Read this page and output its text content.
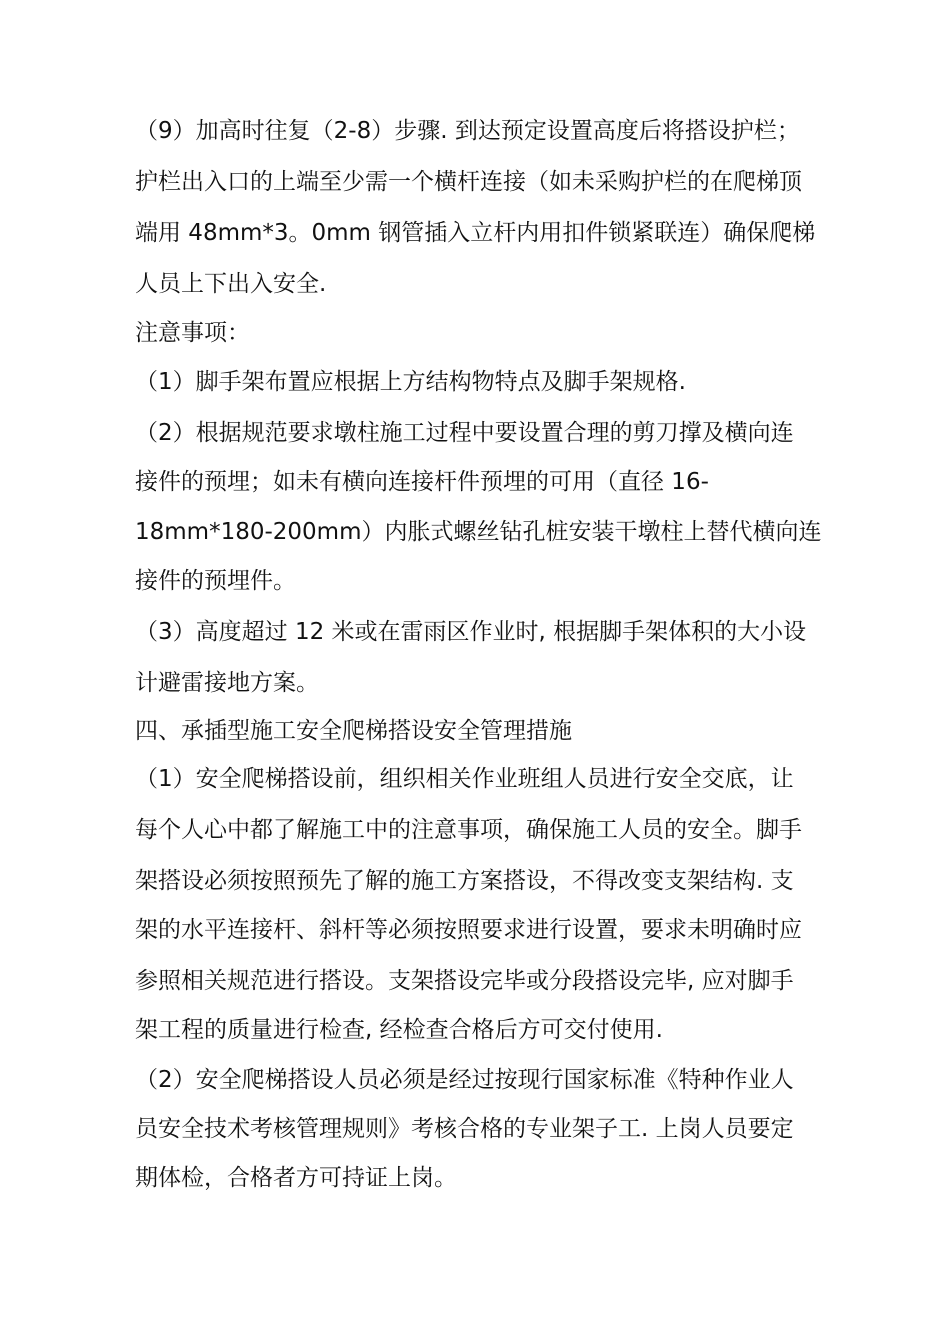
（9）加高时往复（2-8）步骤. 到达预定设置高度后将搭设护栏；
护栏出入口的上端至少需一个横杆连接（如未采购护栏的在爬梯顶
端用 48mm*3。0mm 钢管插入立杆内用扣件锁紧联连）确保爬梯
人员上下出入安全.
注意事项：
（1）脚手架布置应根据上方结构物特点及脚手架规格.
（2）根据规范要求墩柱施工过程中要设置合理的剪刀撑及横向连
接件的预埋；如未有横向连接杆件预埋的可用（直径 16-
18mm*180-200mm）内胀式螺丝钻孔桩安装干墩柱上替代横向连
接件的预埋件。
（3）高度超过 12 米或在雷雨区作业时, 根据脚手架体积的大小设
计避雷接地方案。
四、承插型施工安全爬梯搭设安全管理措施
（1）安全爬梯搭设前，组织相关作业班组人员进行安全交底，让
每个人心中都了解施工中的注意事项，确保施工人员的安全。脚手
架搭设必须按照预先了解的施工方案搭设，不得改变支架结构. 支
架的水平连接杆、斜杆等必须按照要求进行设置，要求未明确时应
参照相关规范进行搭设。支架搭设完毕或分段搭设完毕, 应对脚手
架工程的质量进行检查, 经检查合格后方可交付使用.
（2）安全爬梯搭设人员必须是经过按现行国家标准《特种作业人
员安全技术考核管理规则》考核合格的专业架子工. 上岗人员要定
期体检，合格者方可持证上岗。
